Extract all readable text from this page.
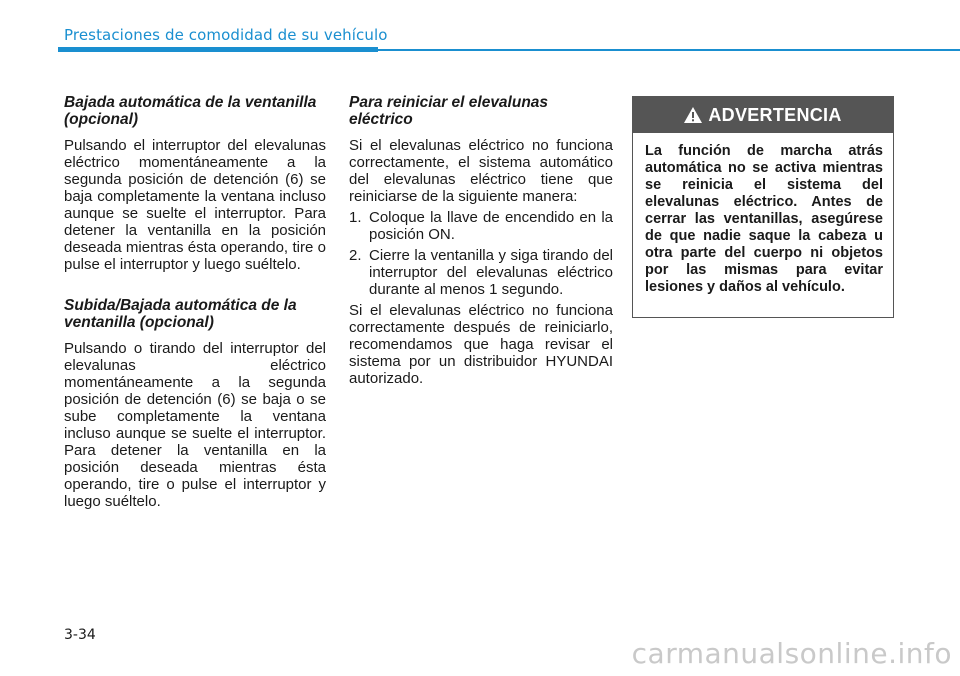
Prestaciones de comodidad de su vehículo
Bajada automática de la ventanilla (opcional)

Pulsando el interruptor del elevalunas eléctrico momentáneamente a la segunda posición de detención (6) se baja completamente la ventana incluso aunque se suelte el interruptor. Para detener la ventanilla en la posición deseada mientras ésta operando, tire o pulse el interruptor y luego suéltelo.

Subida/Bajada automática de la ventanilla (opcional)

Pulsando o tirando del interruptor del elevalunas eléctrico momentáneamente a la segunda posición de detención (6) se baja o se sube completamente la ventana incluso aunque se suelte el interruptor. Para detener la ventanilla en la posición deseada mientras ésta operando, tire o pulse el interruptor y luego suéltelo.

Para reiniciar el elevalunas eléctrico

Si el elevalunas eléctrico no funciona correctamente, el sistema automático del elevalunas eléctrico tiene que reiniciarse de la siguiente manera:

1. Coloque la llave de encendido en la posición ON.
2. Cierre la ventanilla y siga tirando del interruptor del elevalunas eléctrico durante al menos 1 segundo.

Si el elevalunas eléctrico no funciona correctamente después de reiniciarlo, recomendamos que haga revisar el sistema por un distribuidor HYUNDAI autorizado.

ADVERTENCIA
La función de marcha atrás automática no se activa mientras se reinicia el sistema del elevalunas eléctrico. Antes de cerrar las ventanillas, asegúrese de que nadie saque la cabeza u otra parte del cuerpo ni objetos por las mismas para evitar lesiones y daños al vehículo.
3-34
carmanualsonline.info
